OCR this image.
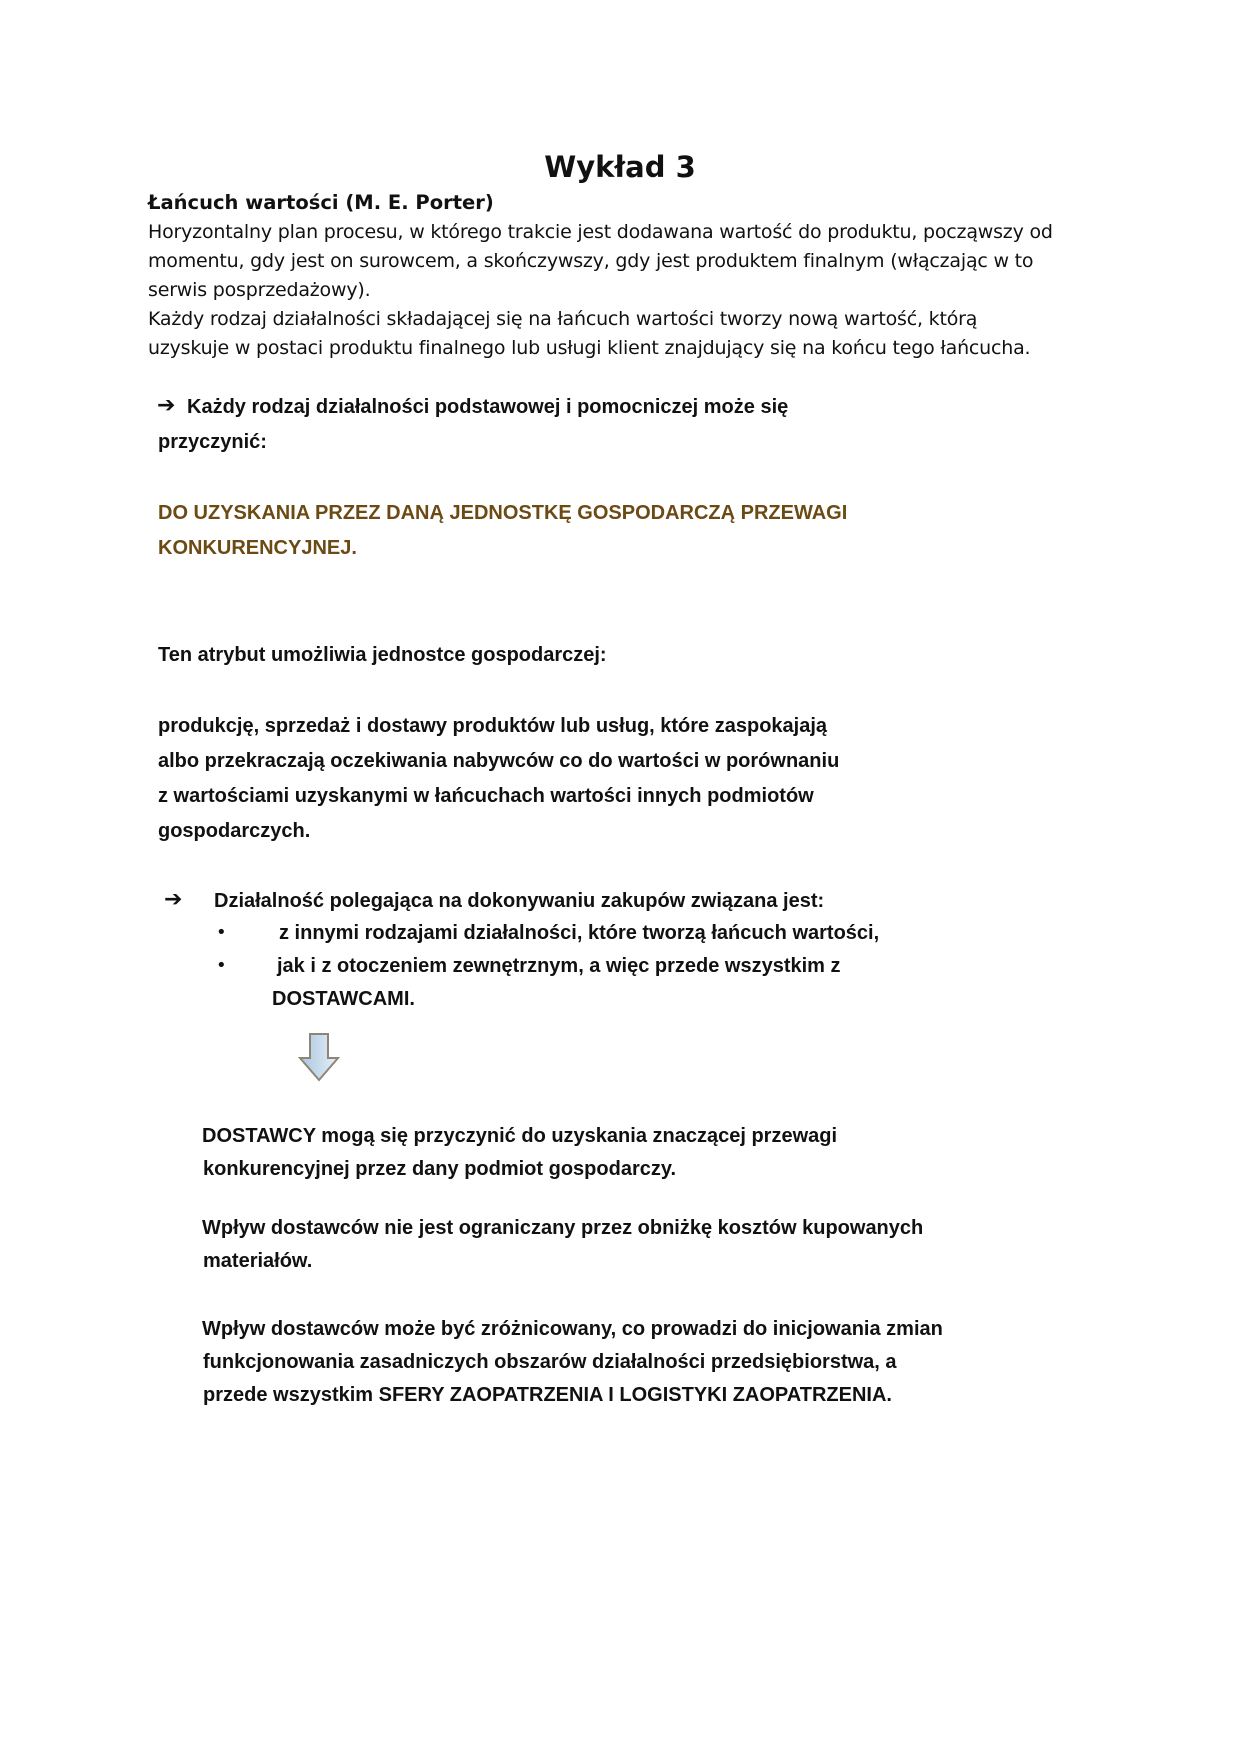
Wykład 3
Łańcuch wartości (M. E. Porter)

Horyzontalny plan procesu, w którego trakcie jest dodawana wartość do produktu, począwszy od

momentu, gdy jest on surowcem, a skończywszy, gdy jest produktem finalnym (włączając w to

serwis posprzedażowy).

Każdy rodzaj działalności składającej się na łańcuch wartości tworzy nową wartość, którą

uzyskuje w postaci produktu finalnego lub usługi klient znajdujący się na końcu tego łańcucha.

➔ Każdy rodzaj działalności podstawowej i pomocniczej może się

przyczynić:

DO UZYSKANIA PRZEZ DANĄ JEDNOSTKĘ GOSPODARCZĄ PRZEWAGI

KONKURENCYJNEJ.

Ten atrybut umożliwia jednostce gospodarczej:

produkcję, sprzedaż i dostawy produktów lub usług, które zaspokajają

albo przekraczają oczekiwania nabywców co do wartości w porównaniu

z wartościami uzyskanymi w łańcuchach wartości innych podmiotów

gospodarczych.

➔ Działalność polegająca na dokonywaniu zakupów związana jest:

•	z innymi rodzajami działalności, które tworzą łańcuch wartości,

•	jak i z otoczeniem zewnętrznym, a więc przede wszystkim z

DOSTAWCAMI.

DOSTAWCY mogą się przyczynić do uzyskania znaczącej przewagi

konkurencyjnej przez dany podmiot gospodarczy.

Wpływ dostawców nie jest ograniczany przez obniżkę kosztów kupowanych

materiałów.

Wpływ dostawców może być zróżnicowany, co prowadzi do inicjowania zmian

funkcjonowania zasadniczych obszarów działalności przedsiębiorstwa, a

przede wszystkim SFERY ZAOPATRZENIA I LOGISTYKI ZAOPATRZENIA.
